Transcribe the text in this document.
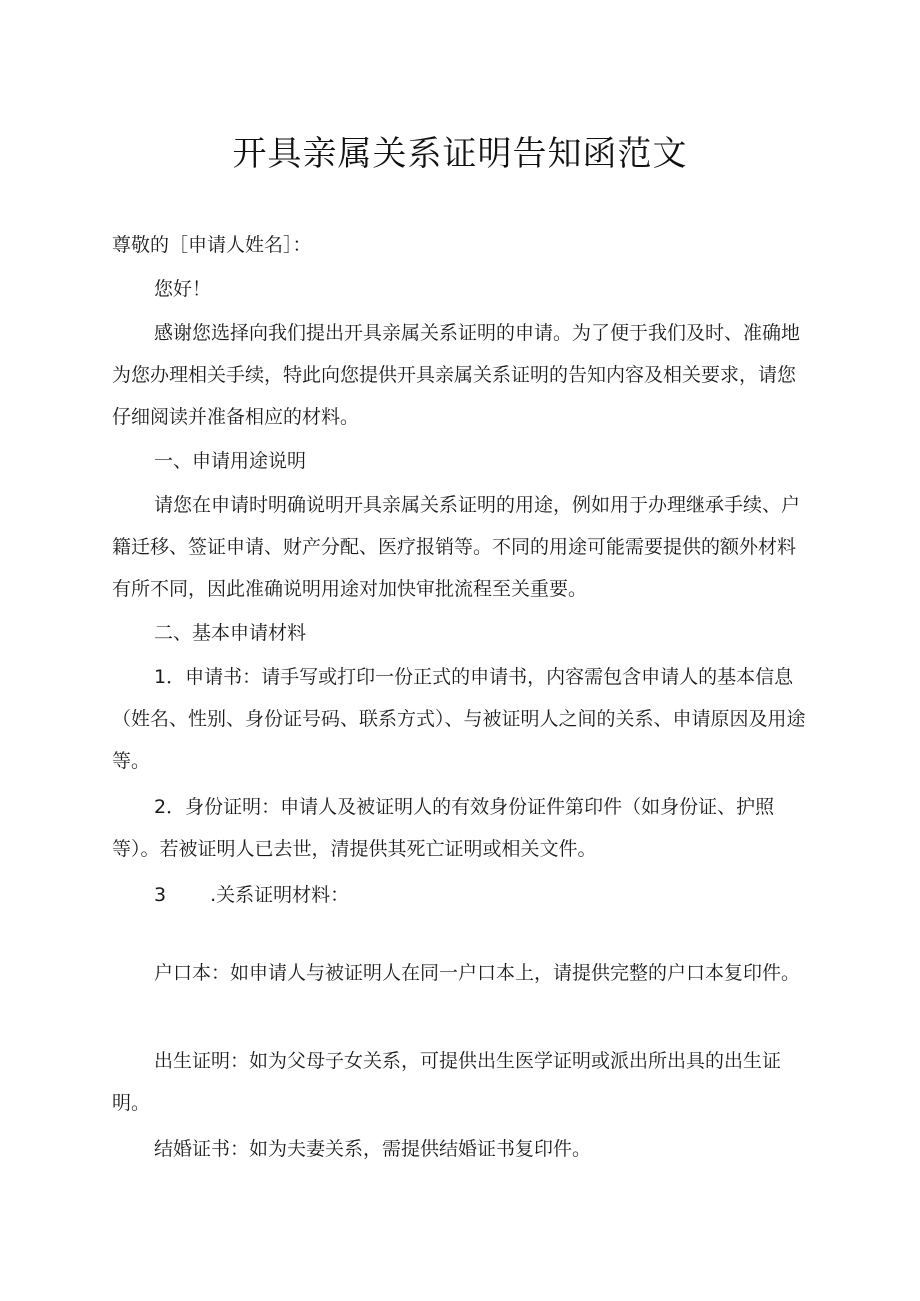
开具亲属关系证明告知函范文

尊敬的［申请人姓名］：

您好！

感谢您选择向我们提出开具亲属关系证明的申请。为了便于我们及时、准确地为您办理相关手续，特此向您提供开具亲属关系证明的告知内容及相关要求，请您仔细阅读并准备相应的材料。

一、申请用途说明

请您在申请时明确说明开具亲属关系证明的用途，例如用于办理继承手续、户籍迁移、签证申请、财产分配、医疗报销等。不同的用途可能需要提供的额外材料有所不同，因此准确说明用途对加快审批流程至关重要。

二、基本申请材料

1．申请书：请手写或打印一份正式的申请书，内容需包含申请人的基本信息（姓名、性别、身份证号码、联系方式）、与被证明人之间的关系、申请原因及用途等。

2．身份证明：申请人及被证明人的有效身份证件第印件（如身份证、护照等）。若被证明人已去世，清提供其死亡证明或相关文件。

3 .关系证明材料：

户口本：如申请人与被证明人在同一户口本上，请提供完整的户口本复印件。

出生证明：如为父母子女关系，可提供出生医学证明或派出所出具的出生证明。

结婚证书：如为夫妻关系，需提供结婚证书复印件。
